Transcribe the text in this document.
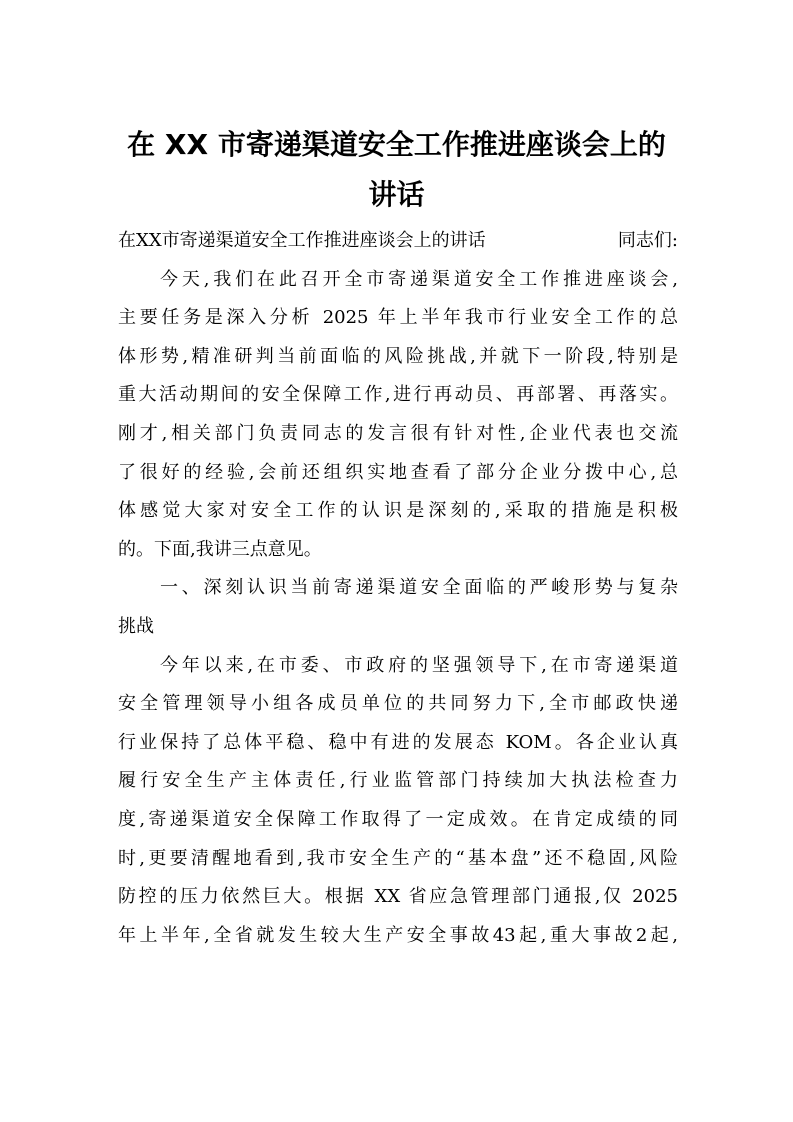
在 XX 市寄递渠道安全工作推进座谈会上的
讲话
在XX市寄递渠道安全工作推进座谈会上的讲话	同志们:
今天,我们在此召开全市寄递渠道安全工作推进座谈会,
主要任务是深入分析 2025 年上半年我市行业安全工作的总
体形势,精准研判当前面临的风险挑战,并就下一阶段,特别是
重大活动期间的安全保障工作,进行再动员、再部署、再落实。
刚才,相关部门负责同志的发言很有针对性,企业代表也交流
了很好的经验,会前还组织实地查看了部分企业分拨中心,总
体感觉大家对安全工作的认识是深刻的,采取的措施是积极
的。下面,我讲三点意见。
一、深刻认识当前寄递渠道安全面临的严峻形势与复杂
挑战
今年以来,在市委、市政府的坚强领导下,在市寄递渠道
安全管理领导小组各成员单位的共同努力下,全市邮政快递
行业保持了总体平稳、稳中有进的发展态 KOM。各企业认真
履行安全生产主体责任,行业监管部门持续加大执法检查力
度,寄递渠道安全保障工作取得了一定成效。在肯定成绩的同
时,更要清醒地看到,我市安全生产的“基本盘”还不稳固,风险
防控的压力依然巨大。根据 XX 省应急管理部门通报,仅 2025
年上半年,全省就发生较大生产安全事故43起,重大事故2起,
